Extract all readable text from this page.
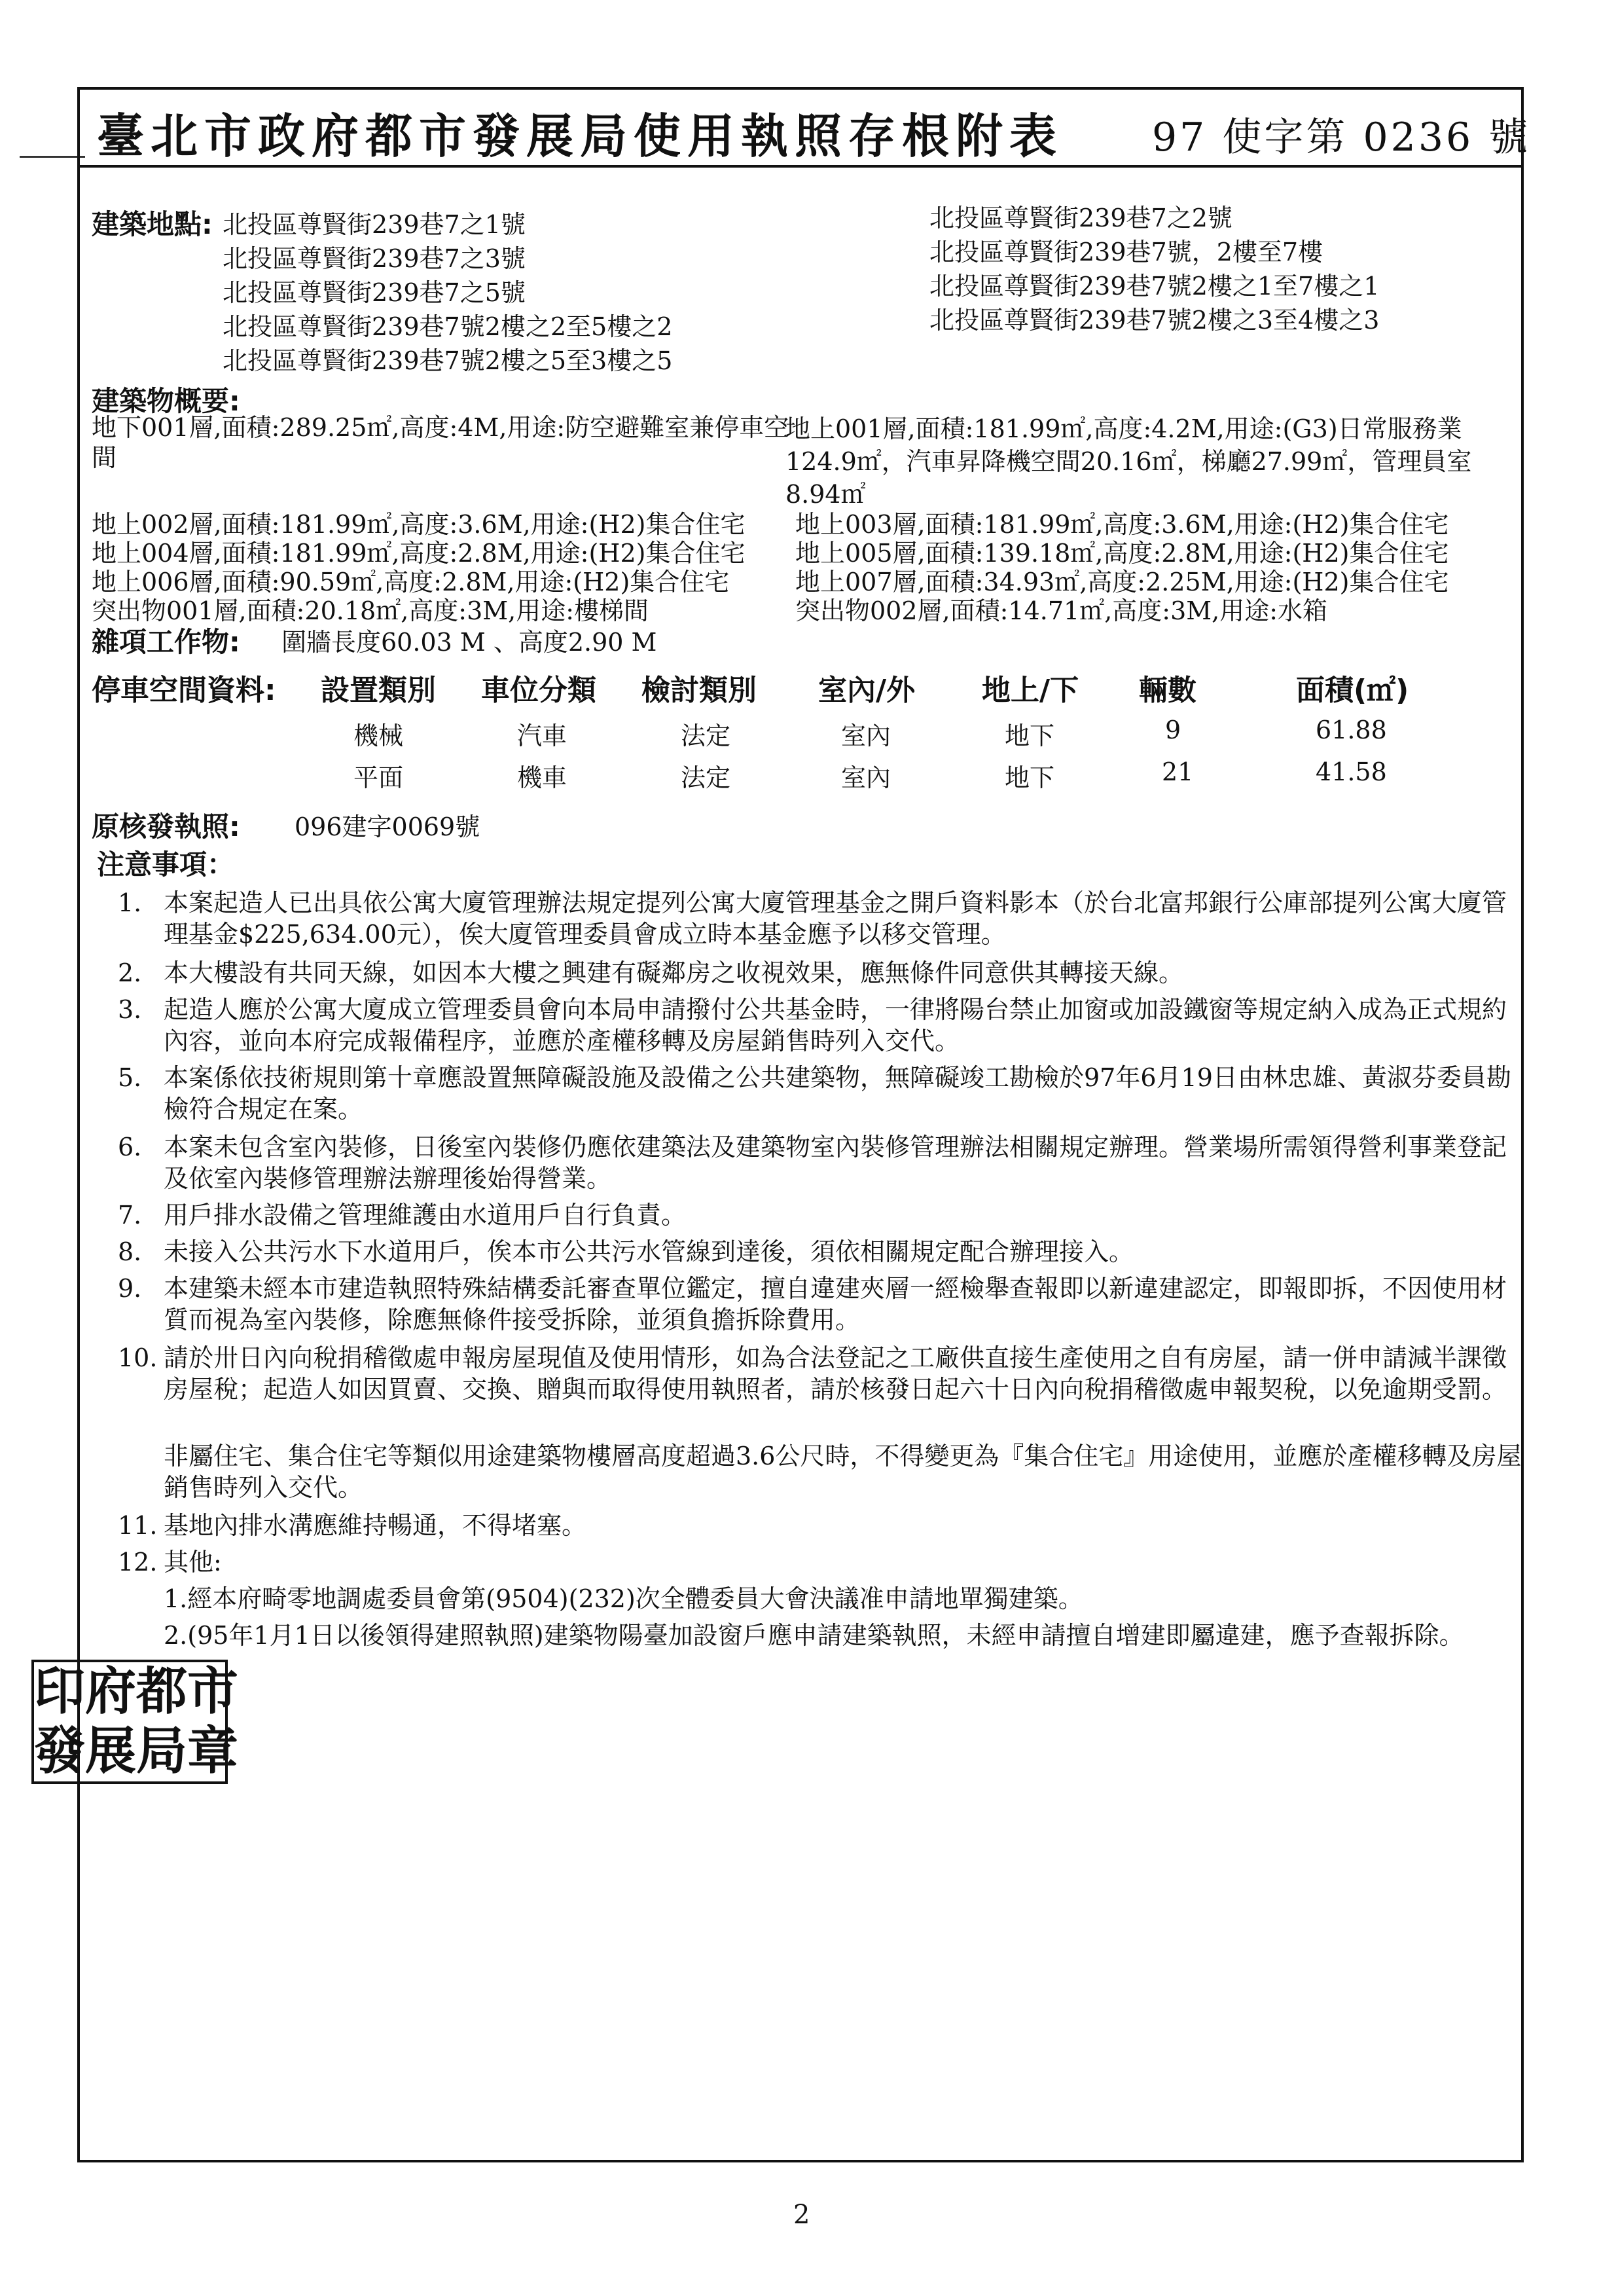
臺北市政府都市發展局使用執照存根附表 97 使字第 0236 號
建築地點: 北投區尊賢街239巷7之1號
北投區尊賢街239巷7之3號
北投區尊賢街239巷7之5號
北投區尊賢街239巷7號2樓之2至5樓之2
北投區尊賢街239巷7號2樓之5至3樓之5
北投區尊賢街239巷7之2號
北投區尊賢街239巷7號，2樓至7樓
北投區尊賢街239巷7號2樓之1至7樓之1
北投區尊賢街239巷7號2樓之3至4樓之3
建築物概要:
地下001層,面積:289.25㎡,高度:4M,用途:防空避難室兼停車空間
地上001層,面積:181.99㎡,高度:4.2M,用途:(G3)日常服務業124.9㎡，汽車昇降機空間20.16㎡，梯廳27.99㎡，管理員室8.94㎡
地上002層,面積:181.99㎡,高度:3.6M,用途:(H2)集合住宅 地上003層,面積:181.99㎡,高度:3.6M,用途:(H2)集合住宅
地上004層,面積:181.99㎡,高度:2.8M,用途:(H2)集合住宅 地上005層,面積:139.18㎡,高度:2.8M,用途:(H2)集合住宅
地上006層,面積:90.59㎡,高度:2.8M,用途:(H2)集合住宅	地上007層,面積:34.93㎡,高度:2.25M,用途:(H2)集合住宅
突出物001層,面積:20.18㎡,高度:3M,用途:樓梯間	突出物002層,面積:14.71㎡,高度:3M,用途:水箱
雜項工作物: 圍牆長度60.03 M 、高度2.90 M
停車空間資料: 設置類別 車位分類 檢討類別 室內/外 地上/下 輛數	面積(㎡)
機械	汽車	法定	室內	地下	9	61.88
平面	機車	法定	室內	地下	21	41.58
原核發執照: 096建字0069號
注意事項：
1. 本案起造人已出具依公寓大廈管理辦法規定提列公寓大廈管理基金之開戶資料影本（於台北富邦銀行公庫部提列公寓大廈管理基金$225,634.00元），俟大廈管理委員會成立時本基金應予以移交管理。
2. 本大樓設有共同天線，如因本大樓之興建有礙鄰房之收視效果，應無條件同意供其轉接天線。
3. 起造人應於公寓大廈成立管理委員會向本局申請撥付公共基金時，一律將陽台禁止加窗或加設鐵窗等規定納入成為正式規約內容，並向本府完成報備程序，並應於產權移轉及房屋銷售時列入交代。
5. 本案係依技術規則第十章應設置無障礙設施及設備之公共建築物，無障礙竣工勘檢於97年6月19日由林忠雄、黃淑芬委員勘檢符合規定在案。
6. 本案未包含室內裝修，日後室內裝修仍應依建築法及建築物室內裝修管理辦法相關規定辦理。營業場所需領得營利事業登記及依室內裝修管理辦法辦理後始得營業。
7. 用戶排水設備之管理維護由水道用戶自行負責。
8. 未接入公共污水下水道用戶，俟本市公共污水管線到達後，須依相關規定配合辦理接入。
9. 本建築未經本市建造執照特殊結構委託審查單位鑑定，擅自違建夾層一經檢舉查報即以新違建認定，即報即拆，不因使用材質而視為室內裝修，除應無條件接受拆除，並須負擔拆除費用。
10. 請於卅日內向稅捐稽徵處申報房屋現值及使用情形，如為合法登記之工廠供直接生產使用之自有房屋，請一併申請減半課徵房屋稅；起造人如因買賣、交換、贈與而取得使用執照者，請於核發日起六十日內向稅捐稽徵處申報契稅，以免逾期受罰。
非屬住宅、集合住宅等類似用途建築物樓層高度超過3.6公尺時，不得變更為『集合住宅』用途使用，並應於產權移轉及房屋銷售時列入交代。
11. 基地內排水溝應維持暢通，不得堵塞。
12. 其他:
1.經本府畸零地調處委員會第(9504)(232)次全體委員大會決議准申請地單獨建築。
2.(95年1月1日以後領得建照執照)建築物陽臺加設窗戶應申請建築執照，未經申請擅自增建即屬違建，應予查報拆除。
印 府 都 市
發 展 局 章
2
